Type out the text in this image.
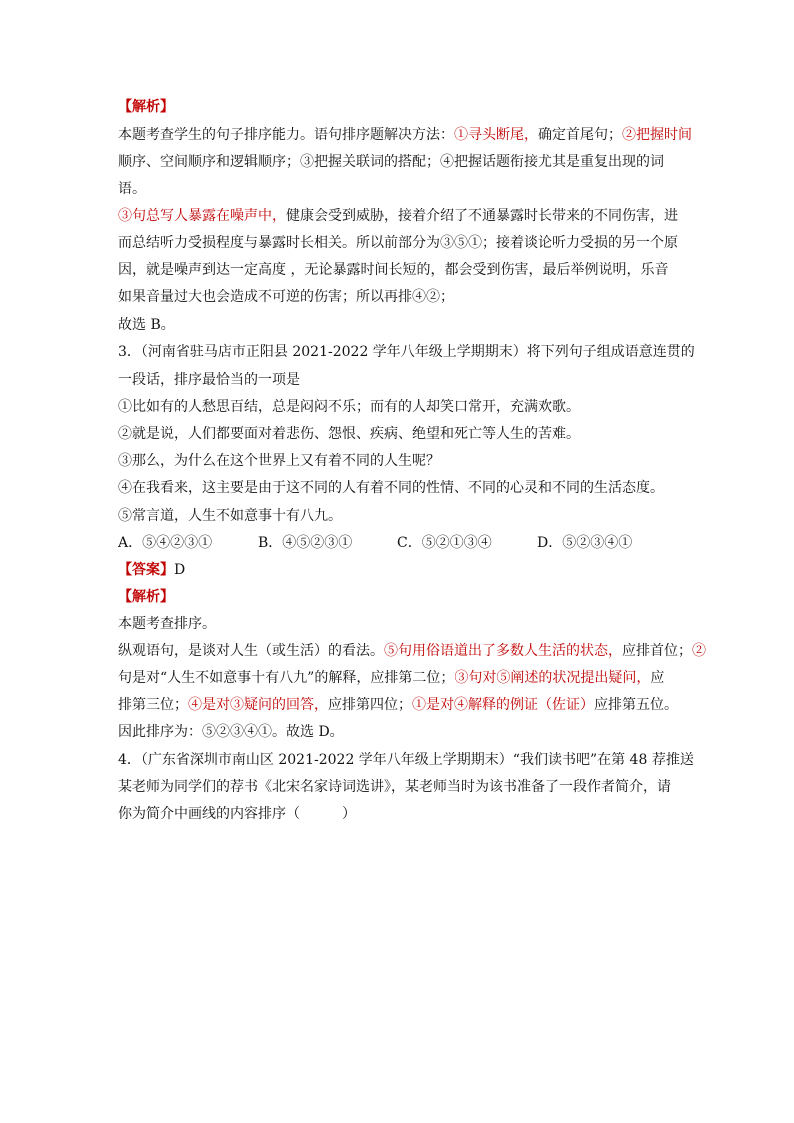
【解析】
本题考查学生的句子排序能力。语句排序题解决方法：①寻头断尾，确定首尾句；②把握时间
顺序、空间顺序和逻辑顺序；③把握关联词的搭配；④把握话题衔接尤其是重复出现的词
语。
③句总写人暴露在噪声中，健康会受到威胁，接着介绍了不通暴露时长带来的不同伤害，进
而总结听力受损程度与暴露时长相关。所以前部分为③⑤①；接着谈论听力受损的另一个原
因，就是噪声到达一定高度 ，无论暴露时间长短的，都会受到伤害，最后举例说明，乐音
如果音量过大也会造成不可逆的伤害；所以再排④②；
故选 B。
3．（河南省驻马店市正阳县 2021-2022 学年八年级上学期期末）将下列句子组成语意连贯的
一段话，排序最恰当的一项是
①比如有的人愁思百结，总是闷闷不乐；而有的人却笑口常开，充满欢歌。
②就是说，人们都要面对着悲伤、怨恨、疾病、绝望和死亡等人生的苦难。
③那么，为什么在这个世界上又有着不同的人生呢？
④在我看来，这主要是由于这不同的人有着不同的性情、不同的心灵和不同的生活态度。
⑤常言道，人生不如意事十有八九。
A．⑤④②③①	B．④⑤②③①	C．⑤②①③④	D．⑤②③④①
【答案】D
【解析】
本题考查排序。
纵观语句，是谈对人生（或生活）的看法。⑤句用俗语道出了多数人生活的状态，应排首位；②
句是对“人生不如意事十有八九”的解释，应排第二位；③句对⑤阐述的状况提出疑问，应
排第三位；④是对③疑问的回答，应排第四位；①是对④解释的例证（佐证）应排第五位。
因此排序为：⑤②③④①。故选 D。
4．（广东省深圳市南山区 2021-2022 学年八年级上学期期末）“我们读书吧”在第 48 荐推送
某老师为同学们的荐书《北宋名家诗词选讲》，某老师当时为该书准备了一段作者简介，请
你为简介中画线的内容排序（　　　）
